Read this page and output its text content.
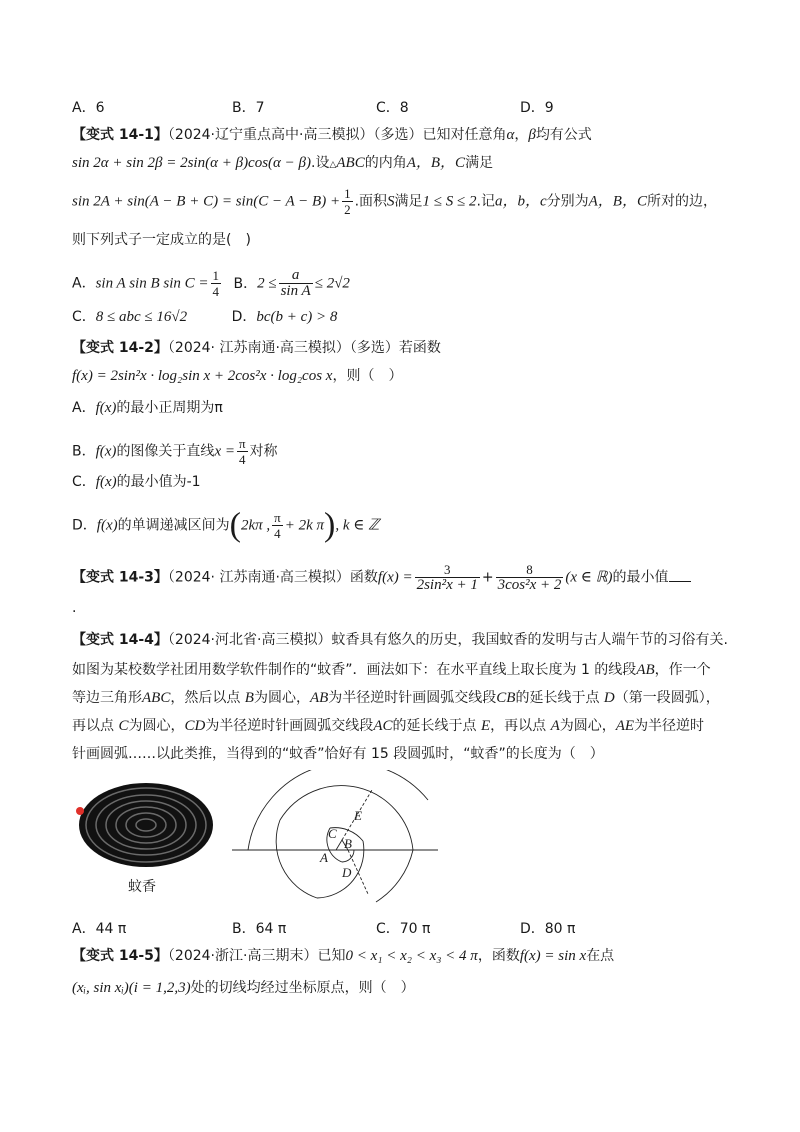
A．6	B．7	C．8	D．9
【变式 14-1】（2024·辽宁重点高中·高三模拟）（多选）已知对任意角α，β均有公式
sin 2α + sin 2β = 2sin(α + β)cos(α − β).设△ABC的内角A，B，C满足
$\sin 2A + \sin(A - B + C) = \sin(C - A - B) + \frac{1}{2}$ .面积S满足1 ≤ S ≤ 2.记a，b，c分别为A，B，C所对的边，
则下列式子一定成立的是(　)
A．sin A sin B $\sin C = \frac{1}{4}$ B．$2 \le \frac{a}{\text{sin A}} \le 2√2$
C．8 ≤ abc ≤ 16√2	D．bc(b + c) > 8
【变式 14-2】（2024· 江苏南通·高三模拟）（多选）若函数
f(x) = 2sin²x · log₂sin x + 2cos²x · log₂cos x，则（　）
A．f(x)的最小正周期为π
B．f(x)的图像关于直线$x = \frac{\pi}{4}$ 对称
C．f(x)的最小值为-1
D．f(x)的单调递减区间为(2kπ , $\frac{\pi}{4} + 2k$ π), k ∈ ℤ
【变式 14-3】（2024· 江苏南通·高三模拟）函数$f(x) = \frac{3}{\text{2sin²x + 1}} + \frac{8}{\text{3cos²x + 2}} (x$ ∈ ℝ)的最小值
.
【变式 14-4】（2024·河北省·高三模拟）蚊香具有悠久的历史，我国蚊香的发明与古人端午节的习俗有关.
如图为某校数学社团用数学软件制作的“蚊香”．画法如下：在水平直线上取长度为 1 的线段AB，作一个
等边三角形ABC，然后以点 B为圆心，AB为半径逆时针画圆弧交线段CB的延长线于点 D（第一段圆弧），
再以点 C为圆心，CD为半径逆时针画圆弧交线段AC的延长线于点 E，再以点 A为圆心，AE为半径逆时
针画圆弧……以此类推，当得到的“蚊香”恰好有 15 段圆弧时，“蚊香”的长度为（　）
蚊香
C
B
A
D
E
A．44 π	B．64 π	C．70 π	D．80 π
【变式 14-5】（2024·浙江·高三期末）已知0 < x₁ < x₂ < x₃ < 4 π，函数f(x) = sin x在点
(xᵢ, sin xᵢ)(i = 1,2,3)处的切线均经过坐标原点，则（　）
